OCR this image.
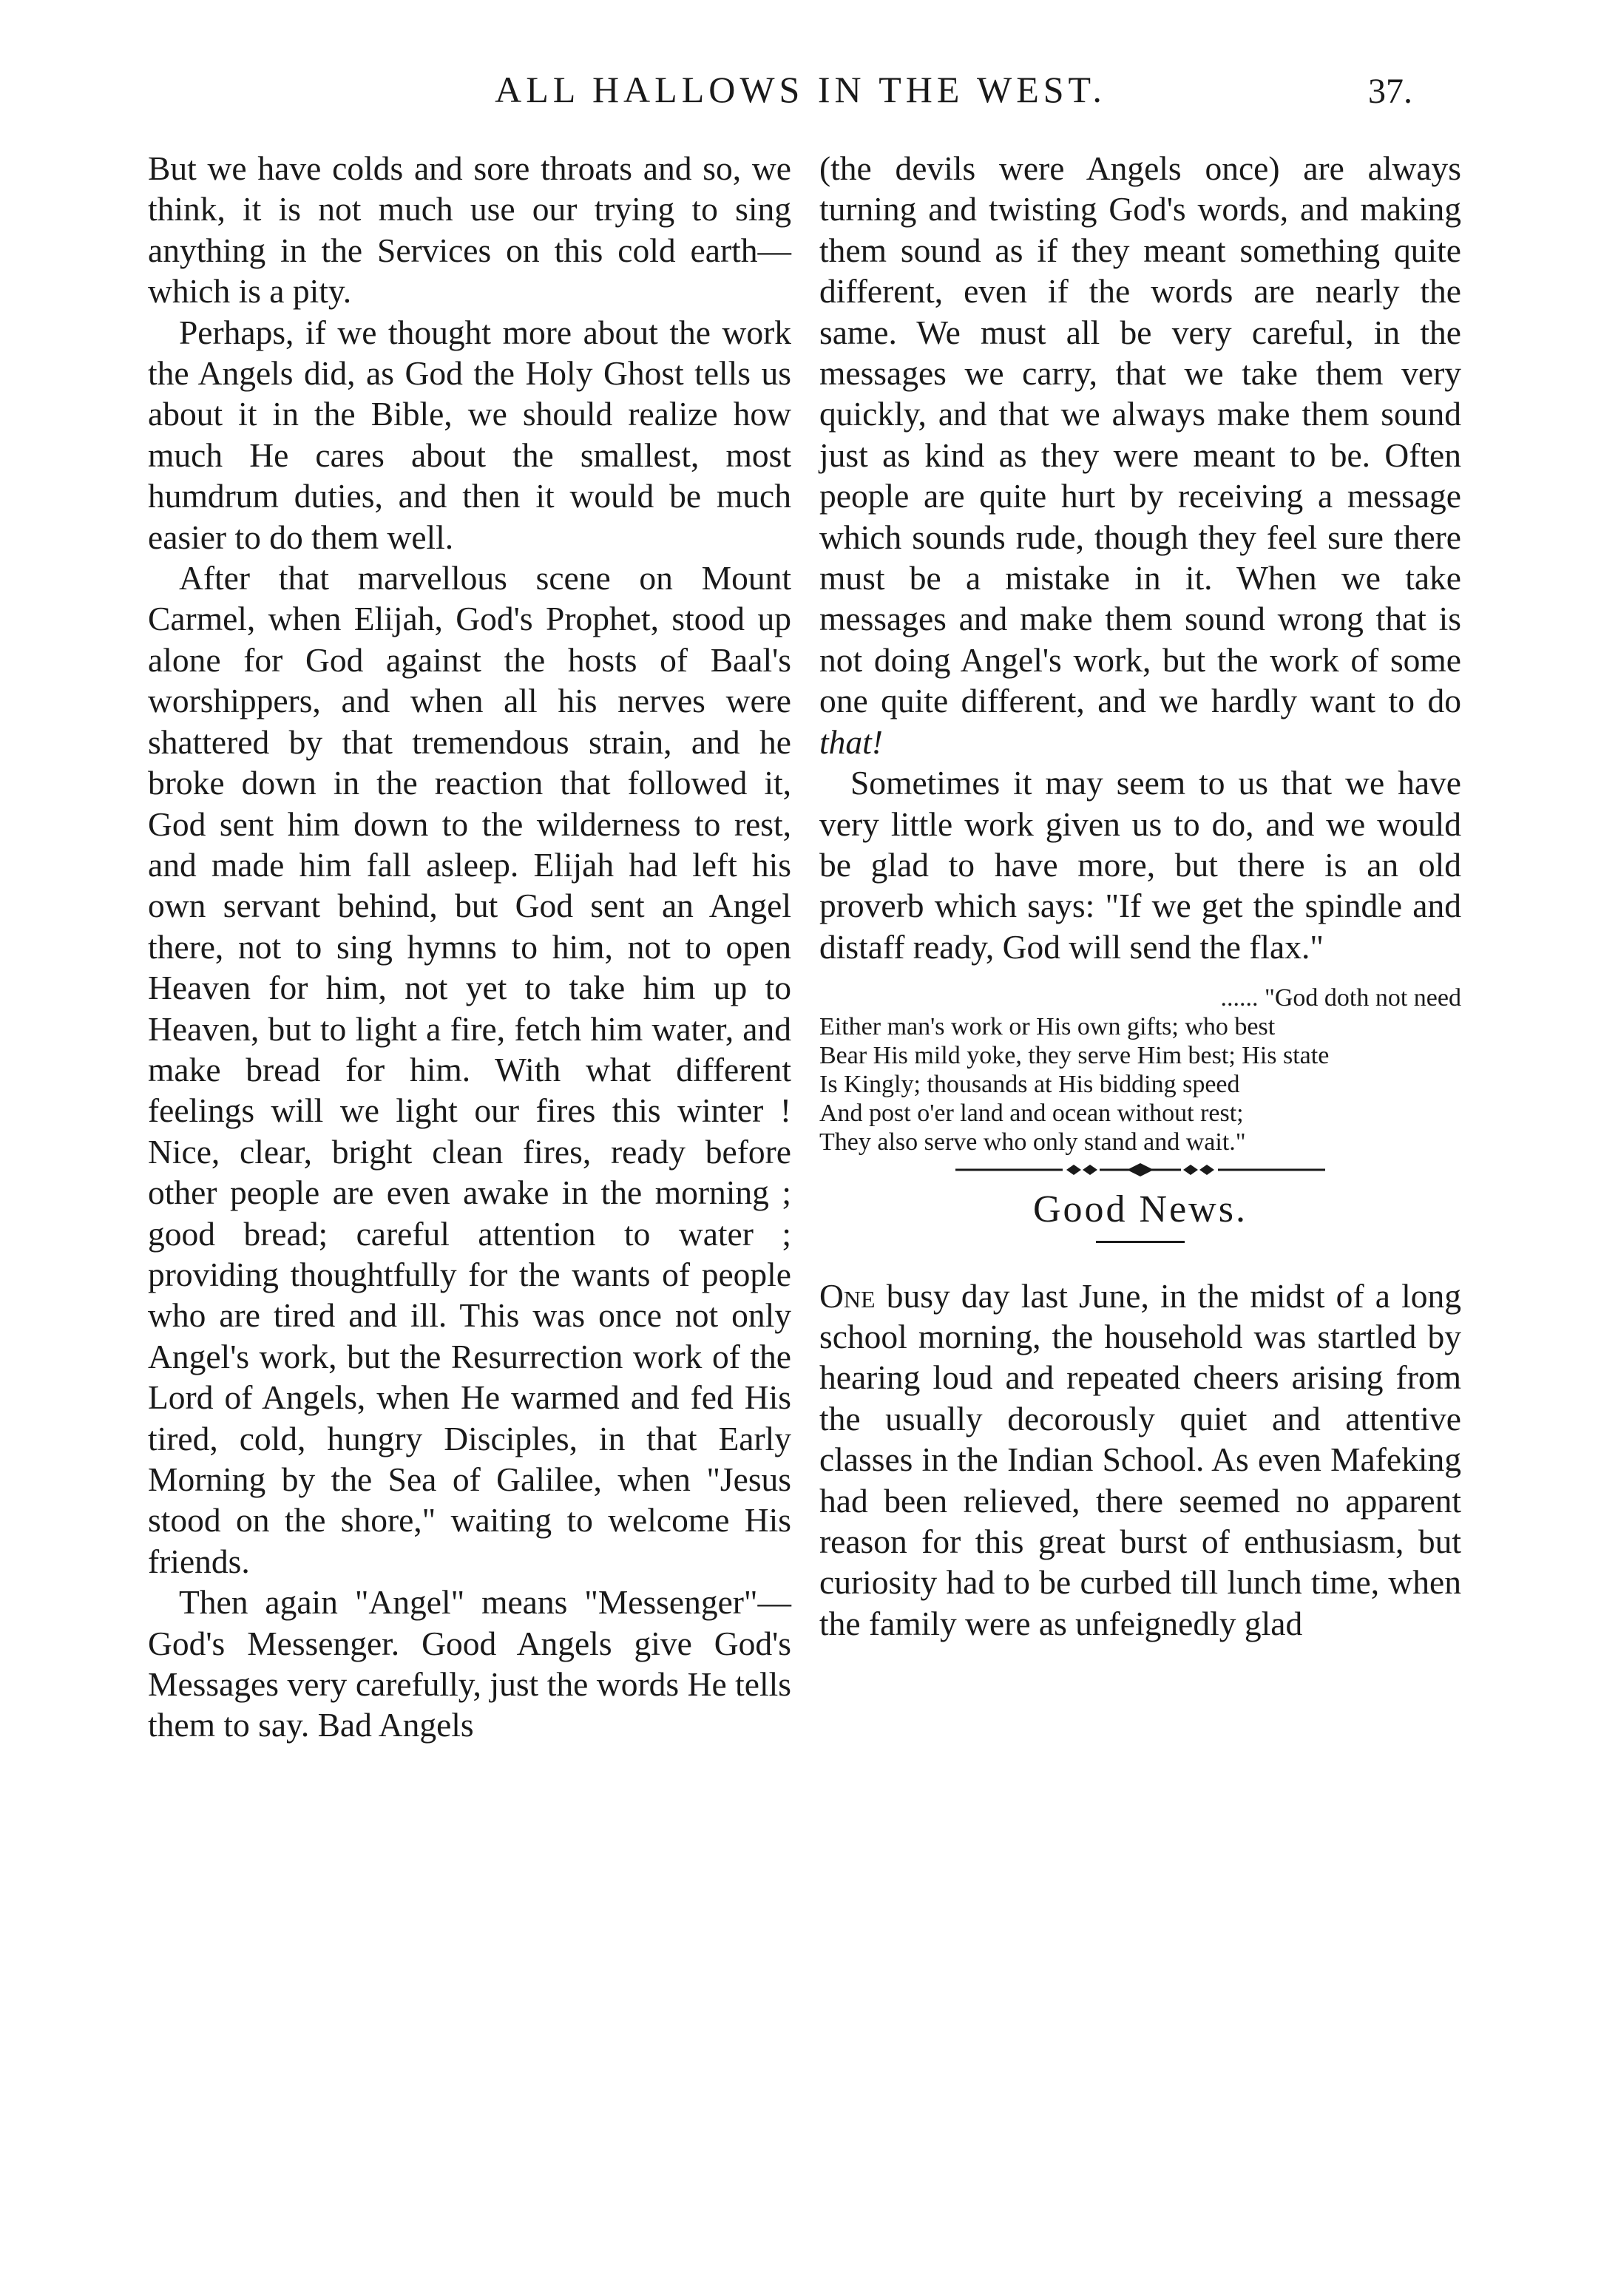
ALL HALLOWS IN THE WEST.	37.

But we have colds and sore throats and so, we think, it is not much use our trying to sing anything in the Services on this cold earth—which is a pity.

Perhaps, if we thought more about the work the Angels did, as God the Holy Ghost tells us about it in the Bible, we should realize how much He cares about the smallest, most humdrum duties, and then it would be much easier to do them well.

After that marvellous scene on Mount Carmel, when Elijah, God's Prophet, stood up alone for God against the hosts of Baal's worshippers, and when all his nerves were shattered by that tremendous strain, and he broke down in the reaction that followed it, God sent him down to the wilderness to rest, and made him fall asleep. Elijah had left his own servant behind, but God sent an Angel there, not to sing hymns to him, not to open Heaven for him, not yet to take him up to Heaven, but to light a fire, fetch him water, and make bread for him. With what different feelings will we light our fires this winter ! Nice, clear, bright clean fires, ready before other people are even awake in the morning ; good bread; careful attention to water ; providing thoughtfully for the wants of people who are tired and ill. This was once not only Angel's work, but the Resurrection work of the Lord of Angels, when He warmed and fed His tired, cold, hungry Disciples, in that Early Morning by the Sea of Galilee, when "Jesus stood on the shore," waiting to welcome His friends.

Then again "Angel" means "Messenger"—God's Messenger. Good Angels give God's Messages very carefully, just the words He tells them to say. Bad Angels

(the devils were Angels once) are always turning and twisting God's words, and making them sound as if they meant something quite different, even if the words are nearly the same. We must all be very careful, in the messages we carry, that we take them very quickly, and that we always make them sound just as kind as they were meant to be. Often people are quite hurt by receiving a message which sounds rude, though they feel sure there must be a mistake in it. When we take messages and make them sound wrong that is not doing Angel's work, but the work of some one quite different, and we hardly want to do that!

Sometimes it may seem to us that we have very little work given us to do, and we would be glad to have more, but there is an old proverb which says: "If we get the spindle and distaff ready, God will send the flax."

...... "God doth not need
Either man's work or His own gifts; who best
Bear His mild yoke, they serve Him best; His state
Is Kingly; thousands at His bidding speed
And post o'er land and ocean without rest;
They also serve who only stand and wait."
Good News.

One busy day last June, in the midst of a long school morning, the household was startled by hearing loud and repeated cheers arising from the usually decorously quiet and attentive classes in the Indian School. As even Mafeking had been relieved, there seemed no apparent reason for this great burst of enthusiasm, but curiosity had to be curbed till lunch time, when the family were as unfeignedly glad
